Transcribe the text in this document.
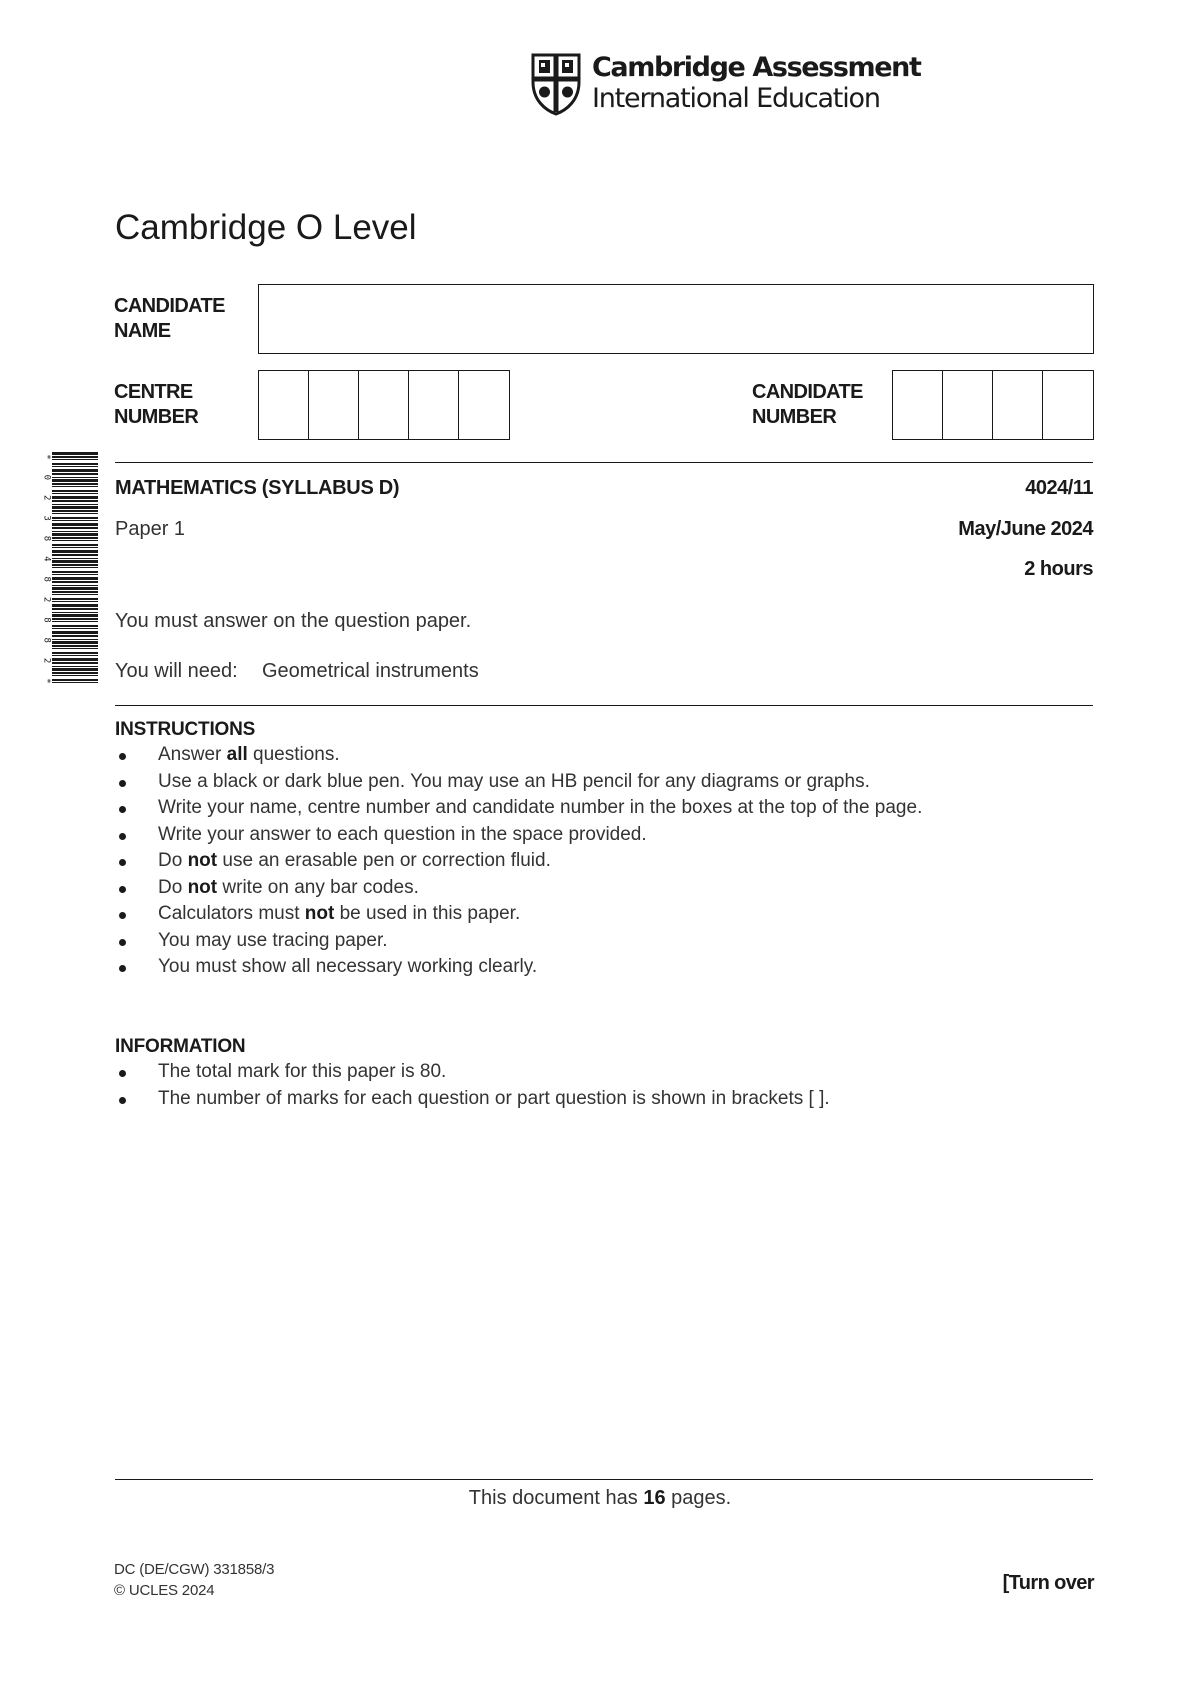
Cambridge Assessment
International Education
Cambridge O Level
CANDIDATE
NAME
CENTRE
NUMBER
CANDIDATE
NUMBER
*
0
2
3
8
4
8
2
8
8
2
*
MATHEMATICS (SYLLABUS D)
Paper 1
4024/11
May/June 2024
2 hours
You must answer on the question paper.
You will need: Geometrical instruments
INSTRUCTIONS
Answer all questions.
Use a black or dark blue pen. You may use an HB pencil for any diagrams or graphs.
Write your name, centre number and candidate number in the boxes at the top of the page.
Write your answer to each question in the space provided.
Do not use an erasable pen or correction fluid.
Do not write on any bar codes.
Calculators must not be used in this paper.
You may use tracing paper.
You must show all necessary working clearly.
INFORMATION
The total mark for this paper is 80.
The number of marks for each question or part question is shown in brackets [ ].
This document has 16 pages.
DC (DE/CGW) 331858/3
© UCLES 2024	[Turn over
